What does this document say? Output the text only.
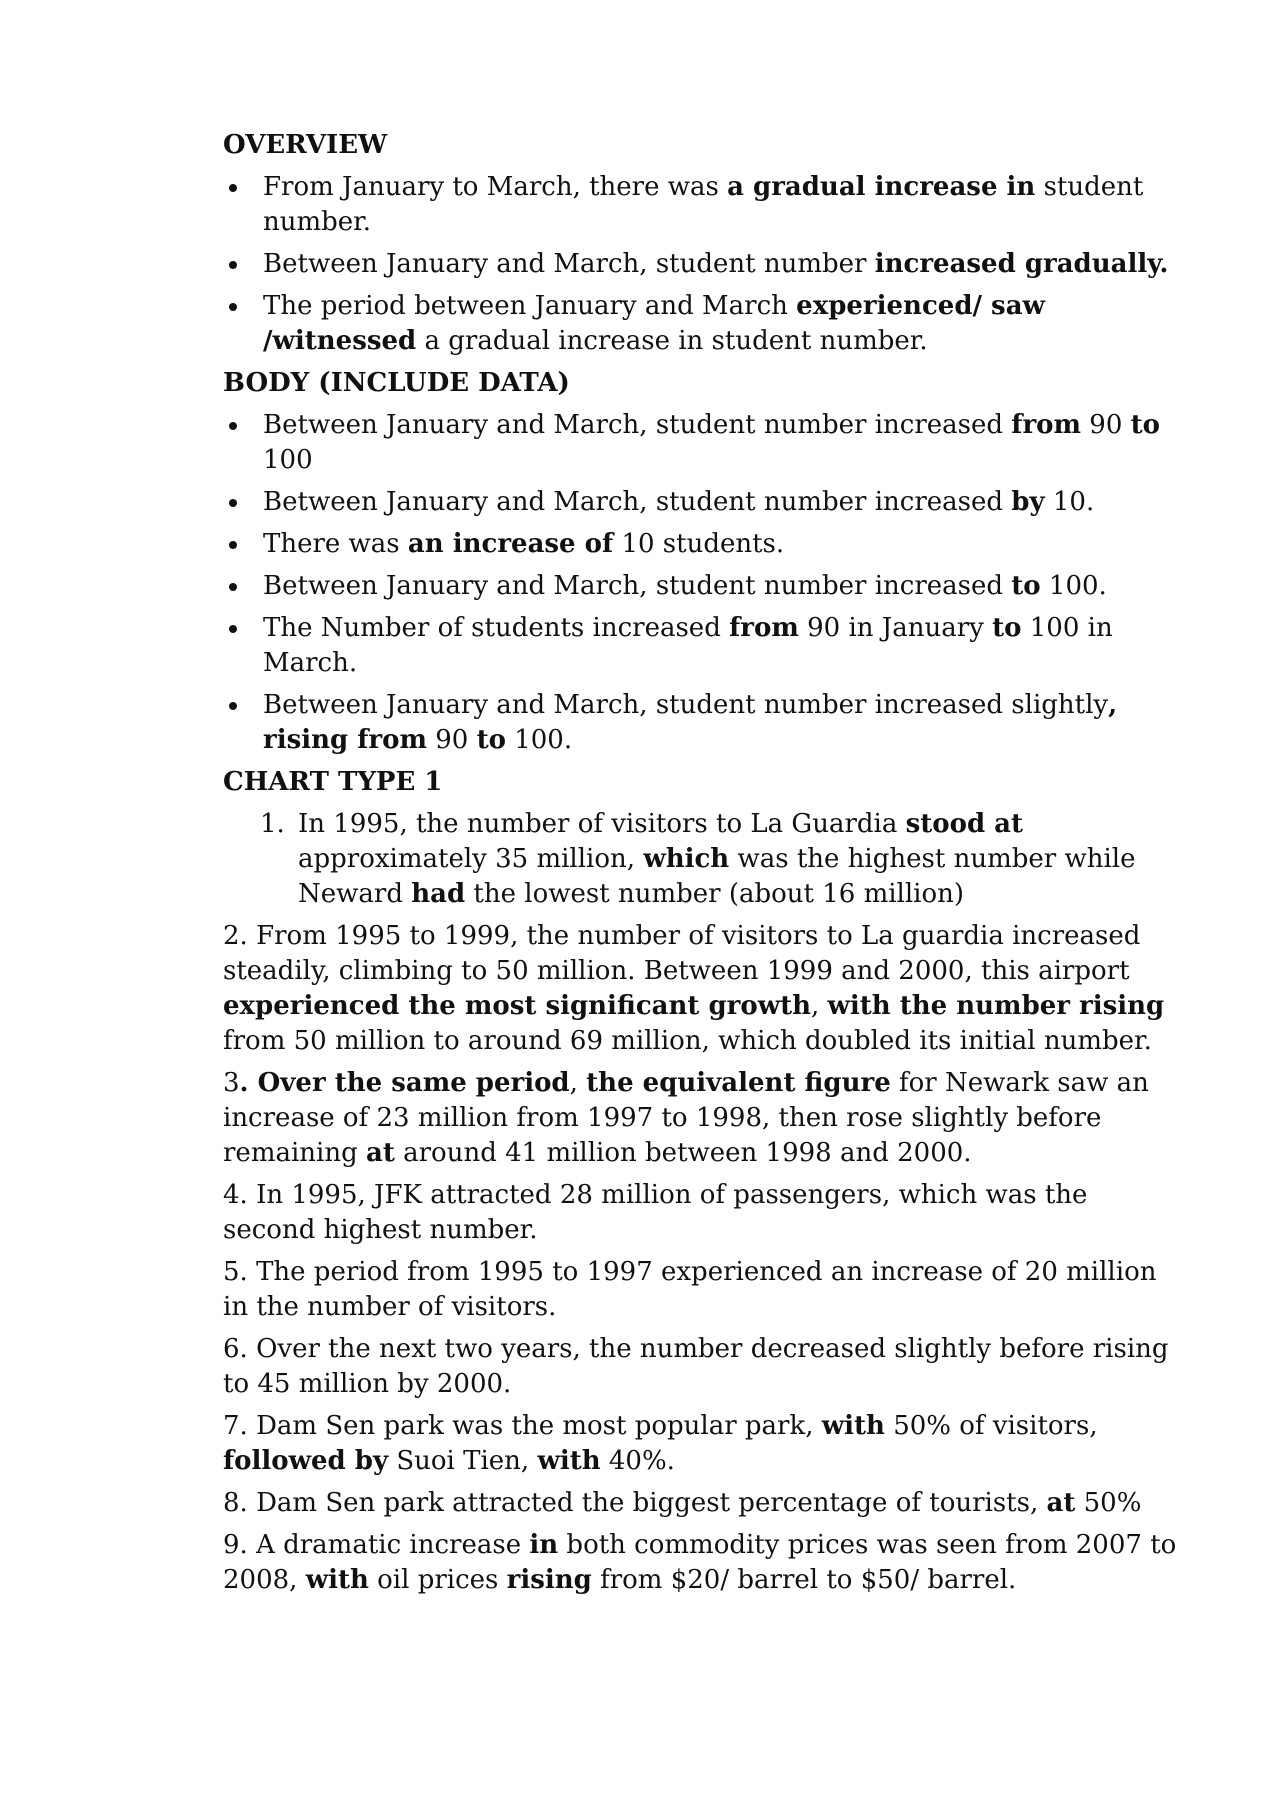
OVERVIEW
From January to March, there was a gradual increase in student number.
Between January and March, student number increased gradually.
The period between January and March experienced/ saw /witnessed a gradual increase in student number.
BODY (INCLUDE DATA)
Between January and March, student number increased from 90 to 100
Between January and March, student number increased by 10.
There was an increase of 10 students.
Between January and March, student number increased to 100.
The Number of students increased from 90 in January to 100 in March.
Between January and March, student number increased slightly, rising from 90 to 100.
CHART TYPE 1
1. In 1995, the number of visitors to La Guardia stood at approximately 35 million, which was the highest number while Neward had the lowest number (about 16 million)
2. From 1995 to 1999, the number of visitors to La guardia increased steadily, climbing to 50 million. Between 1999 and 2000, this airport experienced the most significant growth, with the number rising from 50 million to around 69 million, which doubled its initial number.
3. Over the same period, the equivalent figure for Newark saw an increase of 23 million from 1997 to 1998, then rose slightly before remaining at around 41 million between 1998 and 2000.
4. In 1995, JFK attracted 28 million of passengers, which was the second highest number.
5. The period from 1995 to 1997 experienced an increase of 20 million in the number of visitors.
6. Over the next two years, the number decreased slightly before rising to 45 million by 2000.
7. Dam Sen park was the most popular park, with 50% of visitors, followed by Suoi Tien, with 40%.
8. Dam Sen park attracted the biggest percentage of tourists, at 50%
9. A dramatic increase in both commodity prices was seen from 2007 to 2008, with oil prices rising from $20/ barrel to $50/ barrel.
